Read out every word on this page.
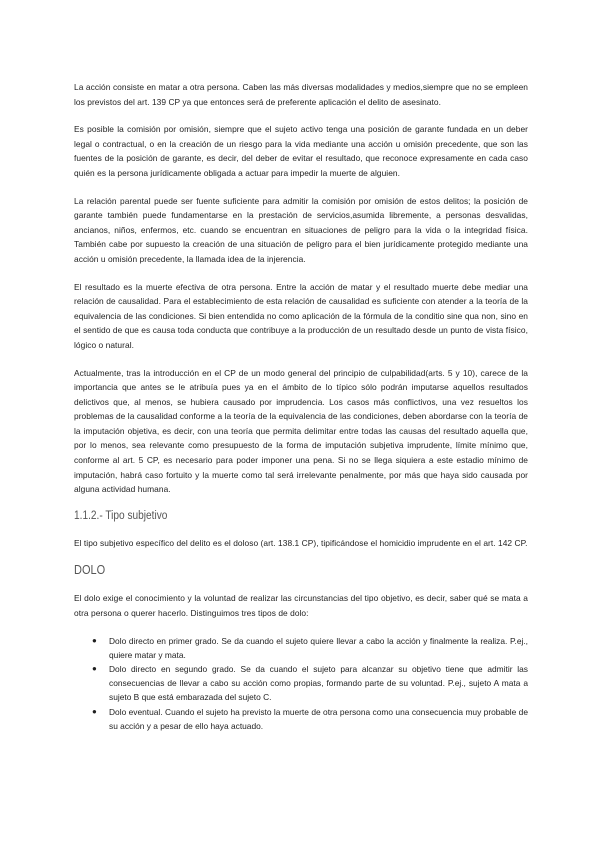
La acción consiste en matar a otra persona. Caben las más diversas modalidades y medios,siempre que no se empleen los previstos del art. 139 CP ya que entonces será de preferente aplicación el delito de asesinato.

Es posible la comisión por omisión, siempre que el sujeto activo tenga una posición de garante fundada en un deber legal o contractual, o en la creación de un riesgo para la vida mediante una acción u omisión precedente, que son las fuentes de la posición de garante, es decir, del deber de evitar el resultado, que reconoce expresamente en cada caso quién es la persona jurídicamente obligada a actuar para impedir la muerte de alguien.

La relación parental puede ser fuente suficiente para admitir la comisión por omisión de estos delitos; la posición de garante también puede fundamentarse en la prestación de servicios,asumida libremente, a personas desvalidas, ancianos, niños, enfermos, etc. cuando se encuentran en situaciones de peligro para la vida o la integridad física. También cabe por supuesto la creación de una situación de peligro para el bien jurídicamente protegido mediante una acción u omisión precedente, la llamada idea de la injerencia.

El resultado es la muerte efectiva de otra persona. Entre la acción de matar y el resultado muerte debe mediar una relación de causalidad. Para el establecimiento de esta relación de causalidad es suficiente con atender a la teoría de la equivalencia de las condiciones. Si bien entendida no como aplicación de la fórmula de la conditio sine qua non, sino en el sentido de que es causa toda conducta que contribuye a la producción de un resultado desde un punto de vista físico, lógico o natural.

Actualmente, tras la introducción en el CP de un modo general del principio de culpabilidad(arts. 5 y 10), carece de la importancia que antes se le atribuía pues ya en el ámbito de lo típico sólo podrán imputarse aquellos resultados delictivos que, al menos, se hubiera causado por imprudencia. Los casos más conflictivos, una vez resueltos los problemas de la causalidad conforme a la teoría de la equivalencia de las condiciones, deben abordarse con la teoría de la imputación objetiva, es decir, con una teoría que permita delimitar entre todas las causas del resultado aquella que, por lo menos, sea relevante como presupuesto de la forma de imputación subjetiva imprudente, límite mínimo que, conforme al art. 5 CP, es necesario para poder imponer una pena. Si no se llega siquiera a este estadio mínimo de imputación, habrá caso fortuito y la muerte como tal será irrelevante penalmente, por más que haya sido causada por alguna actividad humana.

1.1.2.- Tipo subjetivo

El tipo subjetivo específico del delito es el doloso (art. 138.1 CP), tipificándose el homicidio imprudente en el art. 142 CP.

DOLO

El dolo exige el conocimiento y la voluntad de realizar las circunstancias del tipo objetivo, es decir, saber qué se mata a otra persona o querer hacerlo. Distinguimos tres tipos de dolo:

● Dolo directo en primer grado. Se da cuando el sujeto quiere llevar a cabo la acción y finalmente la realiza. P.ej., quiere matar y mata.
● Dolo directo en segundo grado. Se da cuando el sujeto para alcanzar su objetivo tiene que admitir las consecuencias de llevar a cabo su acción como propias, formando parte de su voluntad. P.ej., sujeto A mata a sujeto B que está embarazada del sujeto C.
● Dolo eventual. Cuando el sujeto ha previsto la muerte de otra persona como una consecuencia muy probable de su acción y a pesar de ello haya actuado.
